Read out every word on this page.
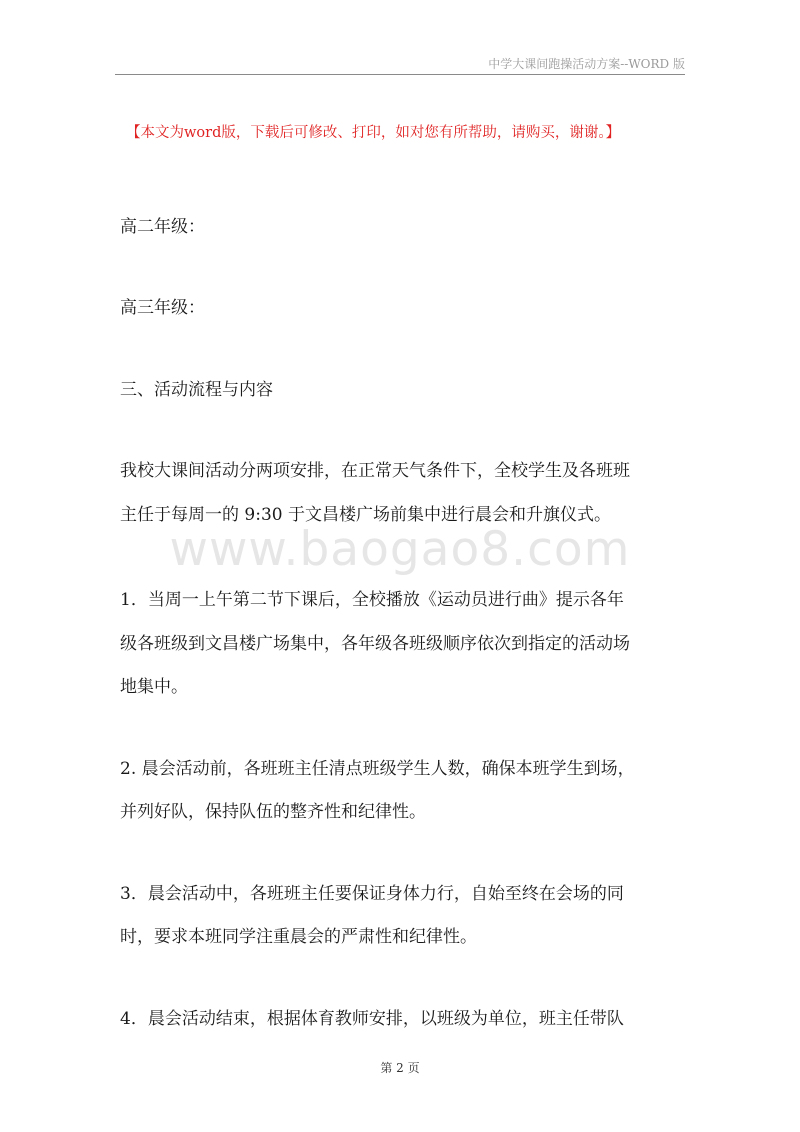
中学大课间跑操活动方案--WORD 版
【本文为word版，下载后可修改、打印，如对您有所帮助，请购买，谢谢。】
高二年级：
高三年级：
三、活动流程与内容
我校大课间活动分两项安排，在正常天气条件下，全校学生及各班班
主任于每周一的 9:30 于文昌楼广场前集中进行晨会和升旗仪式。
www.baogao8.com
1．当周一上午第二节下课后，全校播放《运动员进行曲》提示各年
级各班级到文昌楼广场集中，各年级各班级顺序依次到指定的活动场
地集中。
2. 晨会活动前，各班班主任清点班级学生人数，确保本班学生到场，
并列好队，保持队伍的整齐性和纪律性。
3．晨会活动中，各班班主任要保证身体力行，自始至终在会场的同
时，要求本班同学注重晨会的严肃性和纪律性。
4．晨会活动结束，根据体育教师安排，以班级为单位，班主任带队
第 2 页
